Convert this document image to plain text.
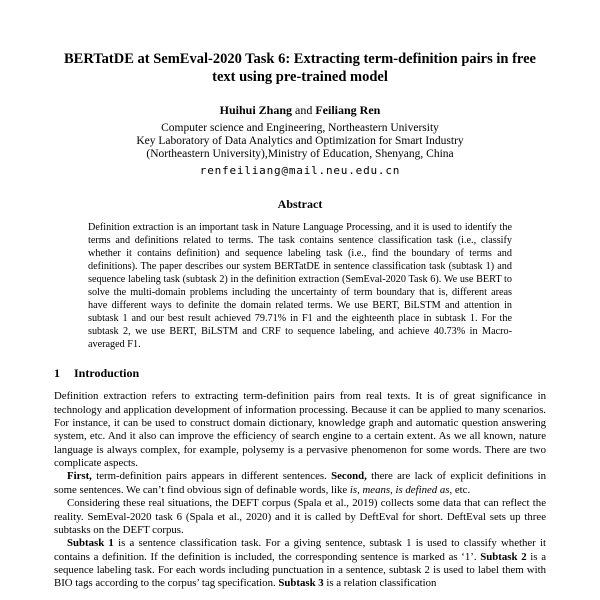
BERTatDE at SemEval-2020 Task 6: Extracting term-definition pairs in free text using pre-trained model
Huihui Zhang and Feiliang Ren
Computer science and Engineering, Northeastern University
Key Laboratory of Data Analytics and Optimization for Smart Industry
(Northeastern University),Ministry of Education, Shenyang, China
renfeiliang@mail.neu.edu.cn
Abstract

Definition extraction is an important task in Nature Language Processing, and it is used to identify the terms and definitions related to terms. The task contains sentence classification task (i.e., classify whether it contains definition) and sequence labeling task (i.e., find the boundary of terms and definitions). The paper describes our system BERTatDE in sentence classification task (subtask 1) and sequence labeling task (subtask 2) in the definition extraction (SemEval-2020 Task 6). We use BERT to solve the multi-domain problems including the uncertainty of term boundary that is, different areas have different ways to definite the domain related terms. We use BERT, BiLSTM and attention in subtask 1 and our best result achieved 79.71% in F1 and the eighteenth place in subtask 1. For the subtask 2, we use BERT, BiLSTM and CRF to sequence labeling, and achieve 40.73% in Macro-averaged F1.

1 Introduction

Definition extraction refers to extracting term-definition pairs from real texts. It is of great significance in technology and application development of information processing. Because it can be applied to many scenarios. For instance, it can be used to construct domain dictionary, knowledge graph and automatic question answering system, etc. And it also can improve the efficiency of search engine to a certain extent. As we all known, nature language is always complex, for example, polysemy is a pervasive phenomenon for some words. There are two complicate aspects.

First, term-definition pairs appears in different sentences. Second, there are lack of explicit definitions in some sentences. We can’t find obvious sign of definable words, like is, means, is defined as, etc.

Considering these real situations, the DEFT corpus (Spala et al., 2019) collects some data that can reflect the reality. SemEval-2020 task 6 (Spala et al., 2020) and it is called by DeftEval for short. DeftEval sets up three subtasks on the DEFT corpus.

Subtask 1 is a sentence classification task. For a giving sentence, subtask 1 is used to classify whether it contains a definition. If the definition is included, the corresponding sentence is marked as ‘1’. Subtask 2 is a sequence labeling task. For each words including punctuation in a sentence, subtask 2 is used to label them with BIO tags according to the corpus’ tag specification. Subtask 3 is a relation classification
